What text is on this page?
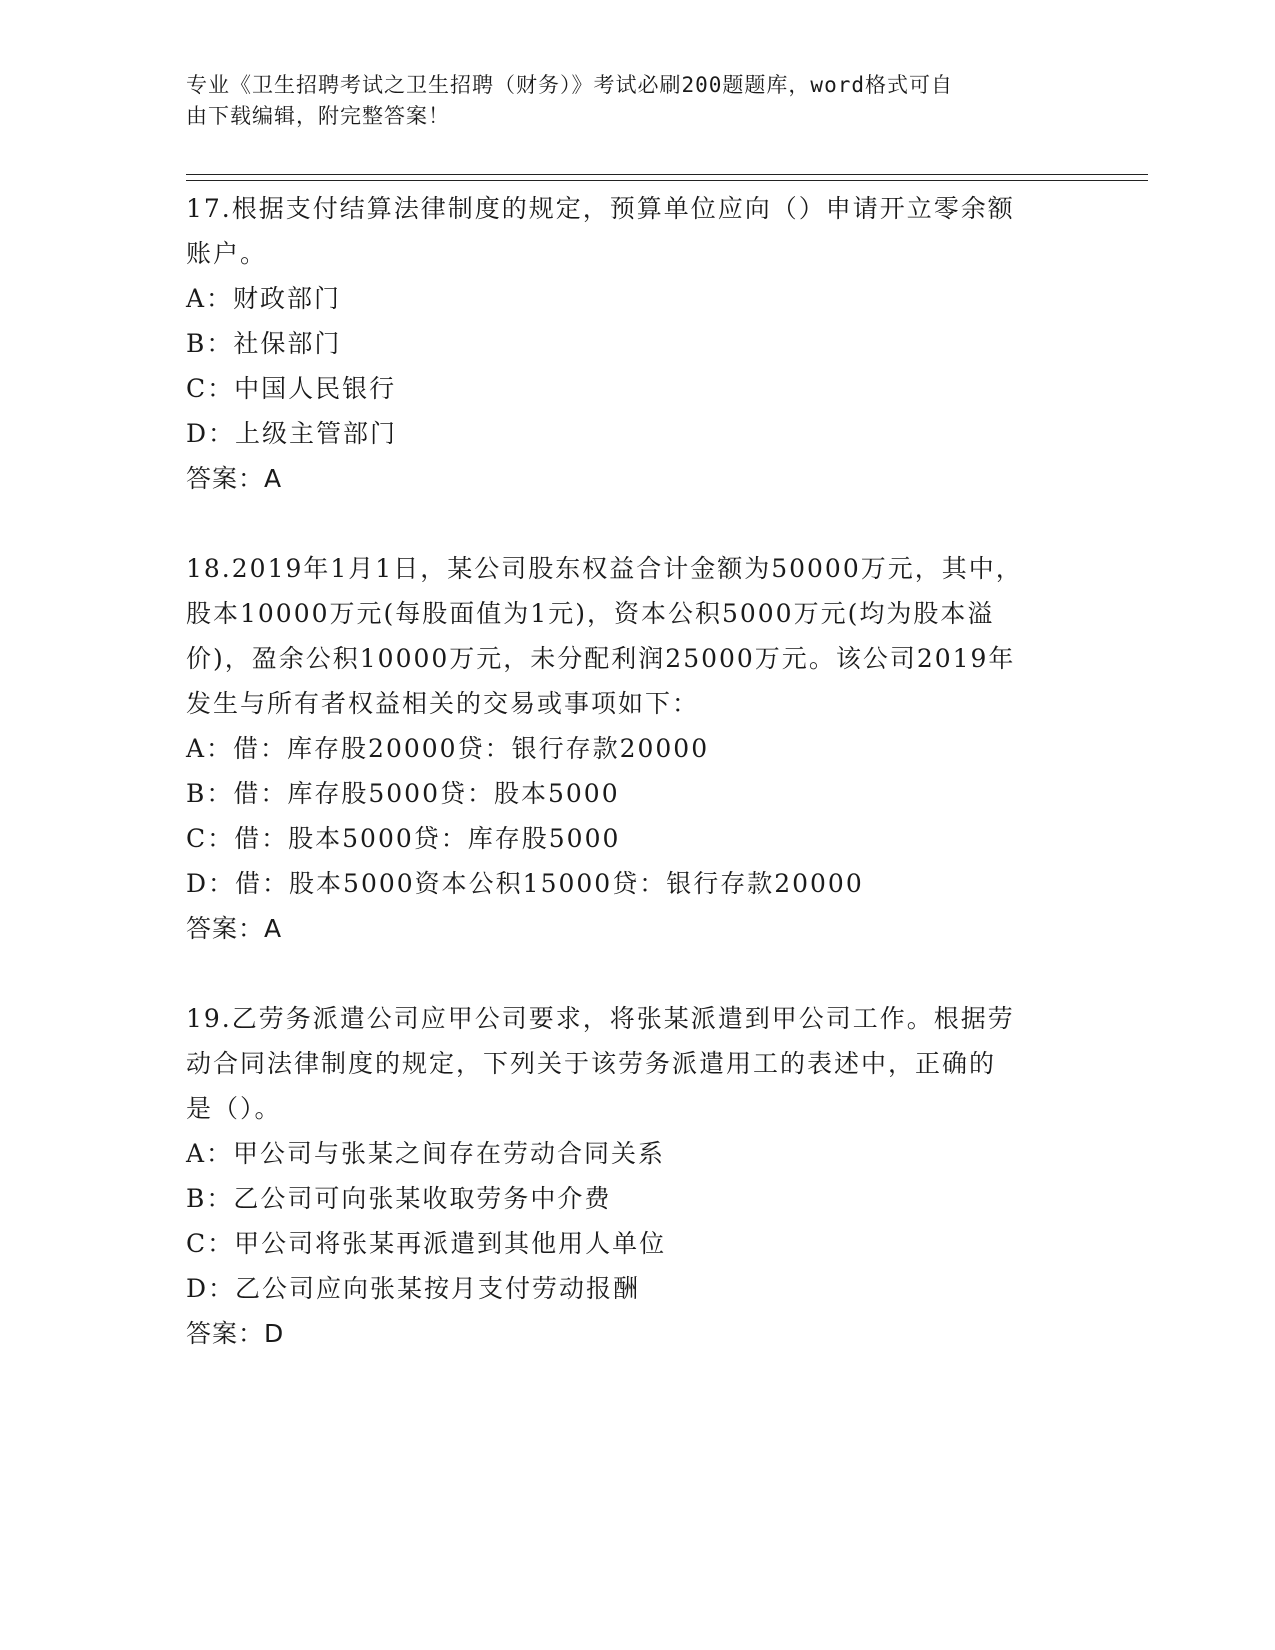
专业《卫生招聘考试之卫生招聘（财务）》考试必刷200题题库，word格式可自
由下载编辑，附完整答案！
17.根据支付结算法律制度的规定，预算单位应向（）申请开立零余额
账户。
A：财政部门
B：社保部门
C：中国人民银行
D：上级主管部门
答案：A
18.2019年1月1日，某公司股东权益合计金额为50000万元，其中，
股本10000万元(每股面值为1元)，资本公积5000万元(均为股本溢
价)，盈余公积10000万元，未分配利润25000万元。该公司2019年
发生与所有者权益相关的交易或事项如下：
A：借：库存股20000贷：银行存款20000
B：借：库存股5000贷：股本5000
C：借：股本5000贷：库存股5000
D：借：股本5000资本公积15000贷：银行存款20000
答案：A
19.乙劳务派遣公司应甲公司要求，将张某派遣到甲公司工作。根据劳
动合同法律制度的规定，下列关于该劳务派遣用工的表述中，正确的
是（）。
A：甲公司与张某之间存在劳动合同关系
B：乙公司可向张某收取劳务中介费
C：甲公司将张某再派遣到其他用人单位
D：乙公司应向张某按月支付劳动报酬
答案：D
